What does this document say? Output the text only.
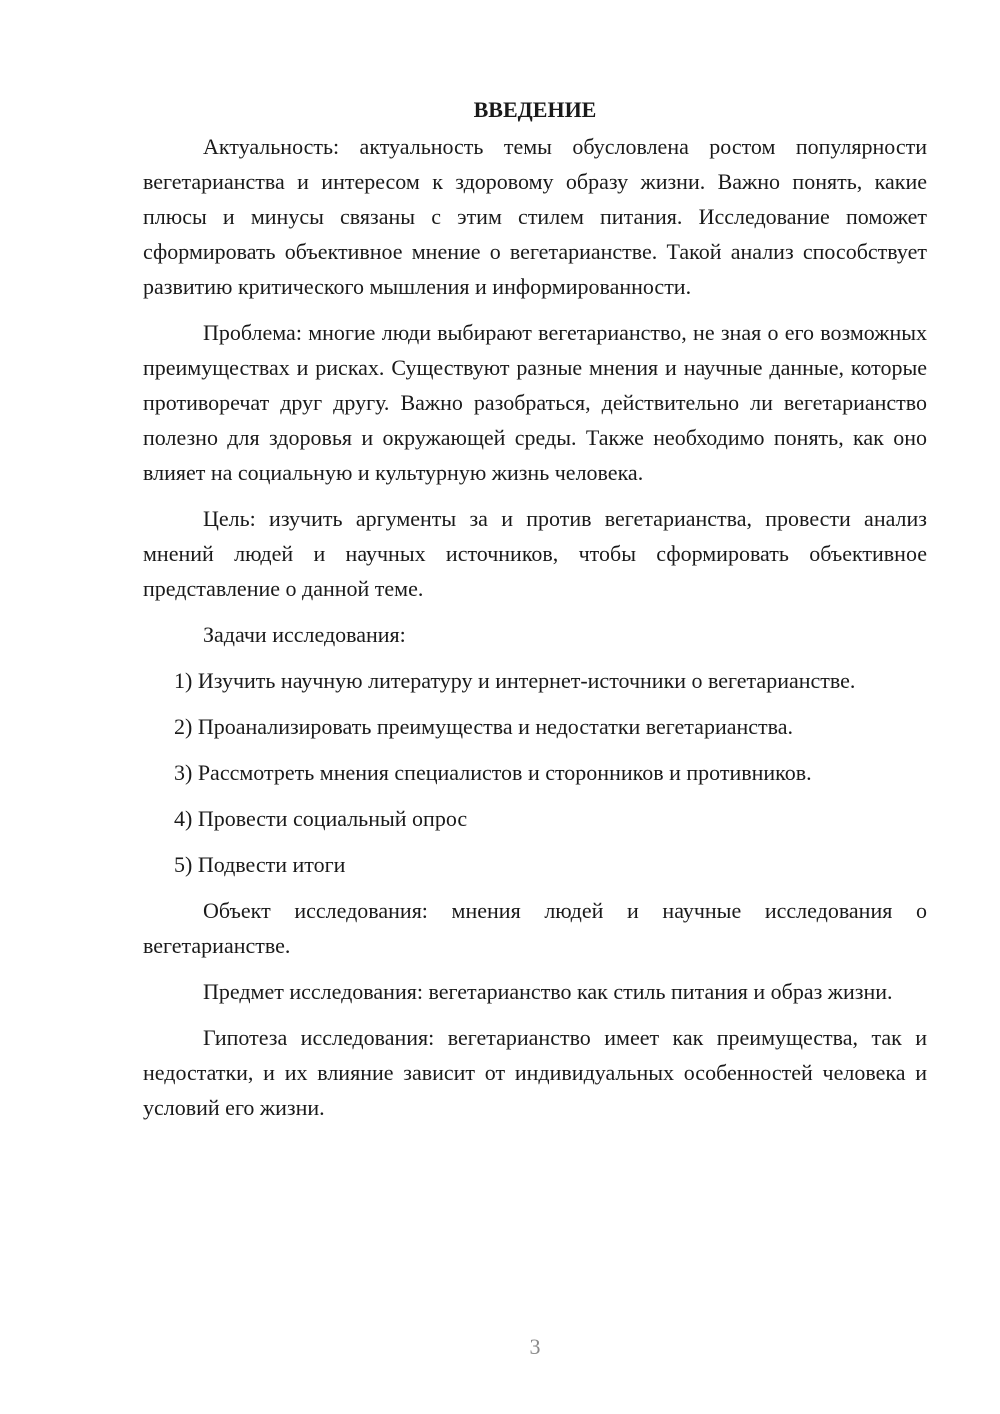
ВВЕДЕНИЕ

Актуальность: актуальность темы обусловлена ростом популярности вегетарианства и интересом к здоровому образу жизни. Важно понять, какие плюсы и минусы связаны с этим стилем питания. Исследование поможет сформировать объективное мнение о вегетарианстве. Такой анализ способствует развитию критического мышления и информированности.

Проблема: многие люди выбирают вегетарианство, не зная о его возможных преимуществах и рисках. Существуют разные мнения и научные данные, которые противоречат друг другу. Важно разобраться, действительно ли вегетарианство полезно для здоровья и окружающей среды. Также необходимо понять, как оно влияет на социальную и культурную жизнь человека.

Цель: изучить аргументы за и против вегетарианства, провести анализ мнений людей и научных источников, чтобы сформировать объективное представление о данной теме.

Задачи исследования:

1) Изучить научную литературу и интернет-источники о вегетарианстве.

2) Проанализировать преимущества и недостатки вегетарианства.

3) Рассмотреть мнения специалистов и сторонников и противников.

4) Провести социальный опрос

5) Подвести итоги

Объект исследования: мнения людей и научные исследования о вегетарианстве.

Предмет исследования: вегетарианство как стиль питания и образ жизни.

Гипотеза исследования: вегетарианство имеет как преимущества, так и недостатки, и их влияние зависит от индивидуальных особенностей человека и условий его жизни.

3
